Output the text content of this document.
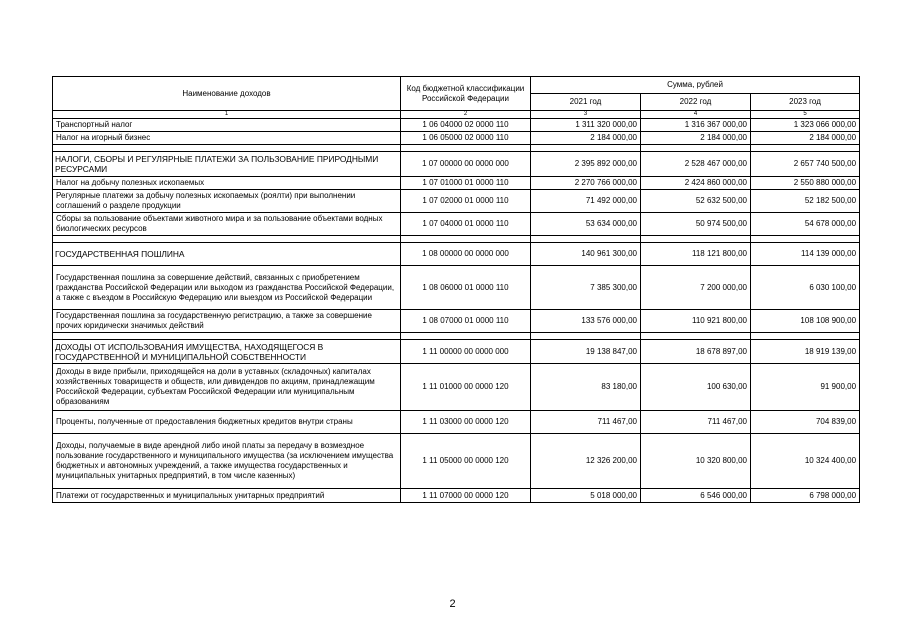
Наименование доходов	Код бюджетной классификации Российской Федерации	Сумма, рублей		
		2021 год	2022 год	2023 год
1	2	3	4	5
Транспортный налог	1 06 04000 02 0000 110	1 311 320 000,00	1 316 367 000,00	1 323 066 000,00
Налог на игорный бизнес	1 06 05000 02 0000 110	2 184 000,00	2 184 000,00	2 184 000,00

НАЛОГИ, СБОРЫ И РЕГУЛЯРНЫЕ ПЛАТЕЖИ ЗА ПОЛЬЗОВАНИЕ ПРИРОДНЫМИ РЕСУРСАМИ	1 07 00000 00 0000 000	2 395 892 000,00	2 528 467 000,00	2 657 740 500,00
Налог на добычу полезных ископаемых	1 07 01000 01 0000 110	2 270 766 000,00	2 424 860 000,00	2 550 880 000,00
Регулярные платежи за добычу полезных ископаемых (роялти) при выполнении соглашений о разделе продукции	1 07 02000 01 0000 110	71 492 000,00	52 632 500,00	52 182 500,00
Сборы за пользование объектами животного мира и за пользование объектами водных биологических ресурсов	1 07 04000 01 0000 110	53 634 000,00	50 974 500,00	54 678 000,00

ГОСУДАРСТВЕННАЯ ПОШЛИНА	1 08 00000 00 0000 000	140 961 300,00	118 121 800,00	114 139 000,00
Государственная пошлина за совершение действий, связанных с приобретением гражданства Российской Федерации или выходом из гражданства Российской Федерации, а также с въездом в Российскую Федерацию или выездом из Российской Федерации	1 08 06000 01 0000 110	7 385 300,00	7 200 000,00	6 030 100,00
Государственная пошлина за государственную регистрацию, а также за совершение прочих юридически значимых действий	1 08 07000 01 0000 110	133 576 000,00	110 921 800,00	108 108 900,00

ДОХОДЫ ОТ ИСПОЛЬЗОВАНИЯ ИМУЩЕСТВА, НАХОДЯЩЕГОСЯ В ГОСУДАРСТВЕННОЙ И МУНИЦИПАЛЬНОЙ СОБСТВЕННОСТИ	1 11 00000 00 0000 000	19 138 847,00	18 678 897,00	18 919 139,00
Доходы в виде прибыли, приходящейся на доли в уставных (складочных) капиталах хозяйственных товариществ и обществ, или дивидендов по акциям, принадлежащим Российской Федерации, субъектам Российской Федерации или муниципальным образованиям	1 11 01000 00 0000 120	83 180,00	100 630,00	91 900,00
Проценты, полученные от предоставления бюджетных кредитов внутри страны	1 11 03000 00 0000 120	711 467,00	711 467,00	704 839,00
Доходы, получаемые в виде арендной либо иной платы за передачу в возмездное пользование государственного и муниципального имущества (за исключением имущества бюджетных и автономных учреждений, а также имущества государственных и муниципальных унитарных предприятий, в том числе казенных)	1 11 05000 00 0000 120	12 326 200,00	10 320 800,00	10 324 400,00
Платежи от государственных и муниципальных унитарных предприятий	1 11 07000 00 0000 120	5 018 000,00	6 546 000,00	6 798 000,00
2
